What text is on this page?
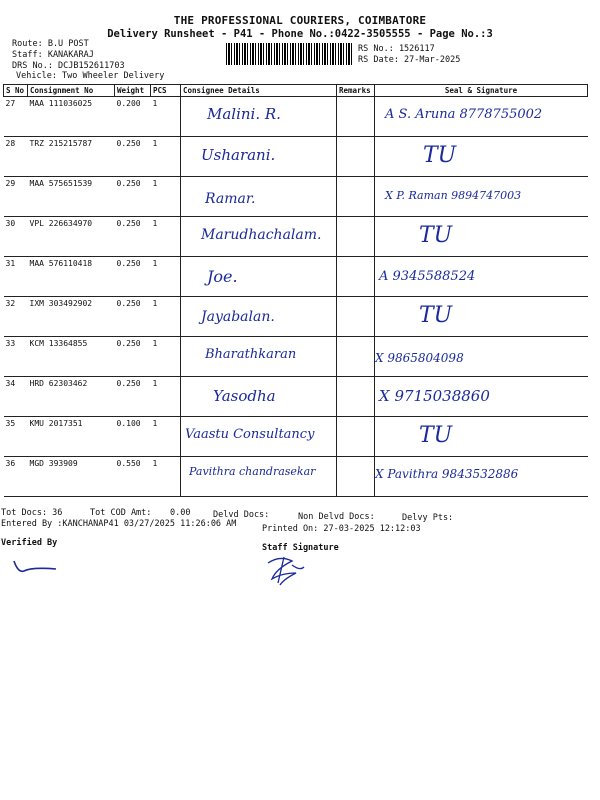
THE PROFESSIONAL COURIERS, COIMBATORE
Delivery Runsheet - P41 - Phone No.:0422-3505555 - Page No.:3
Route: B.U POST
Staff: KANAKARAJ
DRS No.: DCJB152611703
Vehicle: Two Wheeler Delivery
RS No.: 1526117
RS Date: 27-Mar-2025
S No	Consignment No	Weight	PCS	Consignee Details	Remarks	Seal & Signature
27	MAA 111036025	0.200	1	Malini. R.		A S. Aruna 8778755002

28	TRZ 215215787	0.250	1	Usharani.		TU

29	MAA 575651539	0.250	1	Ramar.		X P. Raman 9894747003

30	VPL 226634970	0.250	1	Marudhachalam.		TU

31	MAA 576110418	0.250	1	Joe.		A 9345588524

32	IXM 303492902	0.250	1	Jayabalan.		TU

33	KCM 13364855	0.250	1	Bharathkaran		X 9865804098

34	HRD 62303462	0.250	1	Yasodha		X 9715038860

35	KMU 2017351	0.100	1	Vaastu Consultancy		TU

36	MGD 393909	0.550	1	Pavithra chandrasekar		X Pavithra 9843532886
Tot Docs: 36	Tot COD Amt: 0.00	Delvd Docs:	Non Delvd Docs:	Delvy Pts:
Entered By :KANCHANAP41 03/27/2025 11:26:06 AM	Printed On: 27-03-2025 12:12:03
Verified By	Staff Signature
